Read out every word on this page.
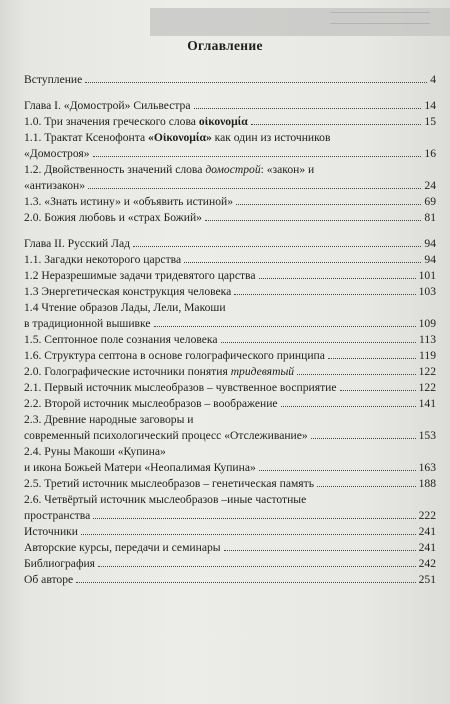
Оглавление
Вступление	4
Глава I. «Домострой» Сильвестра	14
1.0. Три значения греческого слова οἰκονομία	15
1.1. Трактат Ксенофонта «Οἰκονομία» как один из источников
«Домостроя»	16
1.2. Двойственность значений слова домострой: «закон» и
«антизакон»	24
1.3. «Знать истину» и «объявить истиной»	69
2.0. Божия любовь и «страх Божий»	81
Глава II. Русский Лад	94
1.1. Загадки некоторого царства	94
1.2 Неразрешимые задачи тридевятого царства	101
1.3 Энергетическая конструкция человека	103
1.4 Чтение образов Лады, Лели, Макоши
в традиционной вышивке	109
1.5. Септонное поле сознания человека	113
1.6. Структура септона в основе голографического принципа	119
2.0. Голографические источники понятия тридевятый	122
2.1. Первый источник мыслеобразов – чувственное восприятие	122
2.2. Второй источник мыслеобразов – воображение	141
2.3. Древние народные заговоры и
современный психологический процесс «Отслеживание»	153
2.4. Руны Макоши «Купина»
и икона Божьей Матери «Неопалимая Купина»	163
2.5. Третий источник мыслеобразов – генетическая память	188
2.6. Четвёртый источник мыслеобразов –иные частотные
пространства	222
Источники	241
Авторские курсы, передачи и семинары	241
Библиография	242
Об авторе	251
